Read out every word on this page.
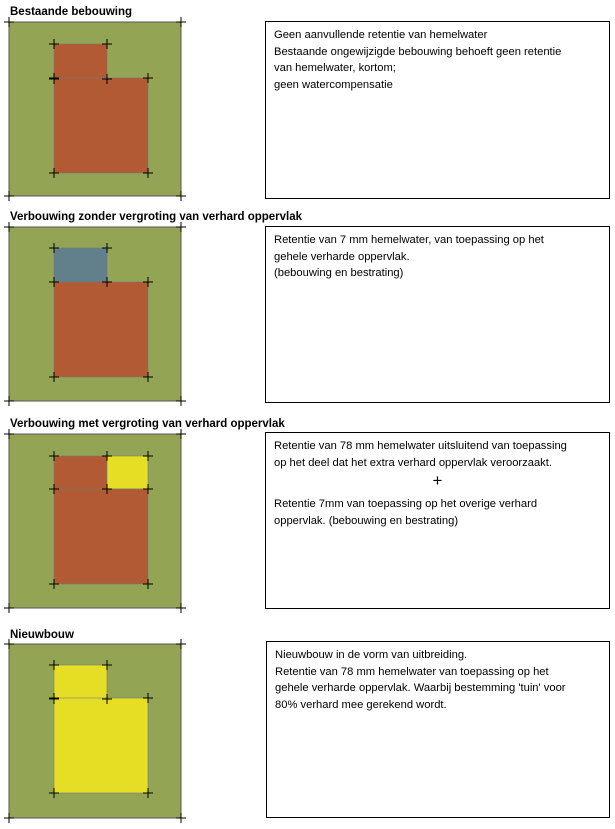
Bestaande bebouwing

Geen aanvullende retentie van hemelwater

Bestaande ongewijzigde bebouwing behoeft geen retentie

van hemelwater, kortom;

geen watercompensatie

Verbouwing zonder vergroting van verhard oppervlak

Retentie van 7 mm hemelwater, van toepassing op het

gehele verharde oppervlak.

(bebouwing en bestrating)

Verbouwing met vergroting van verhard oppervlak

Retentie van 78 mm hemelwater uitsluitend van toepassing

op het deel dat het extra verhard oppervlak veroorzaakt.

+

Retentie 7mm van toepassing op het overige verhard

oppervlak. (bebouwing en bestrating)

Nieuwbouw

Nieuwbouw in de vorm van uitbreiding.

Retentie van 78 mm hemelwater van toepassing op het

gehele verharde oppervlak. Waarbij bestemming 'tuin' voor

80% verhard mee gerekend wordt.
